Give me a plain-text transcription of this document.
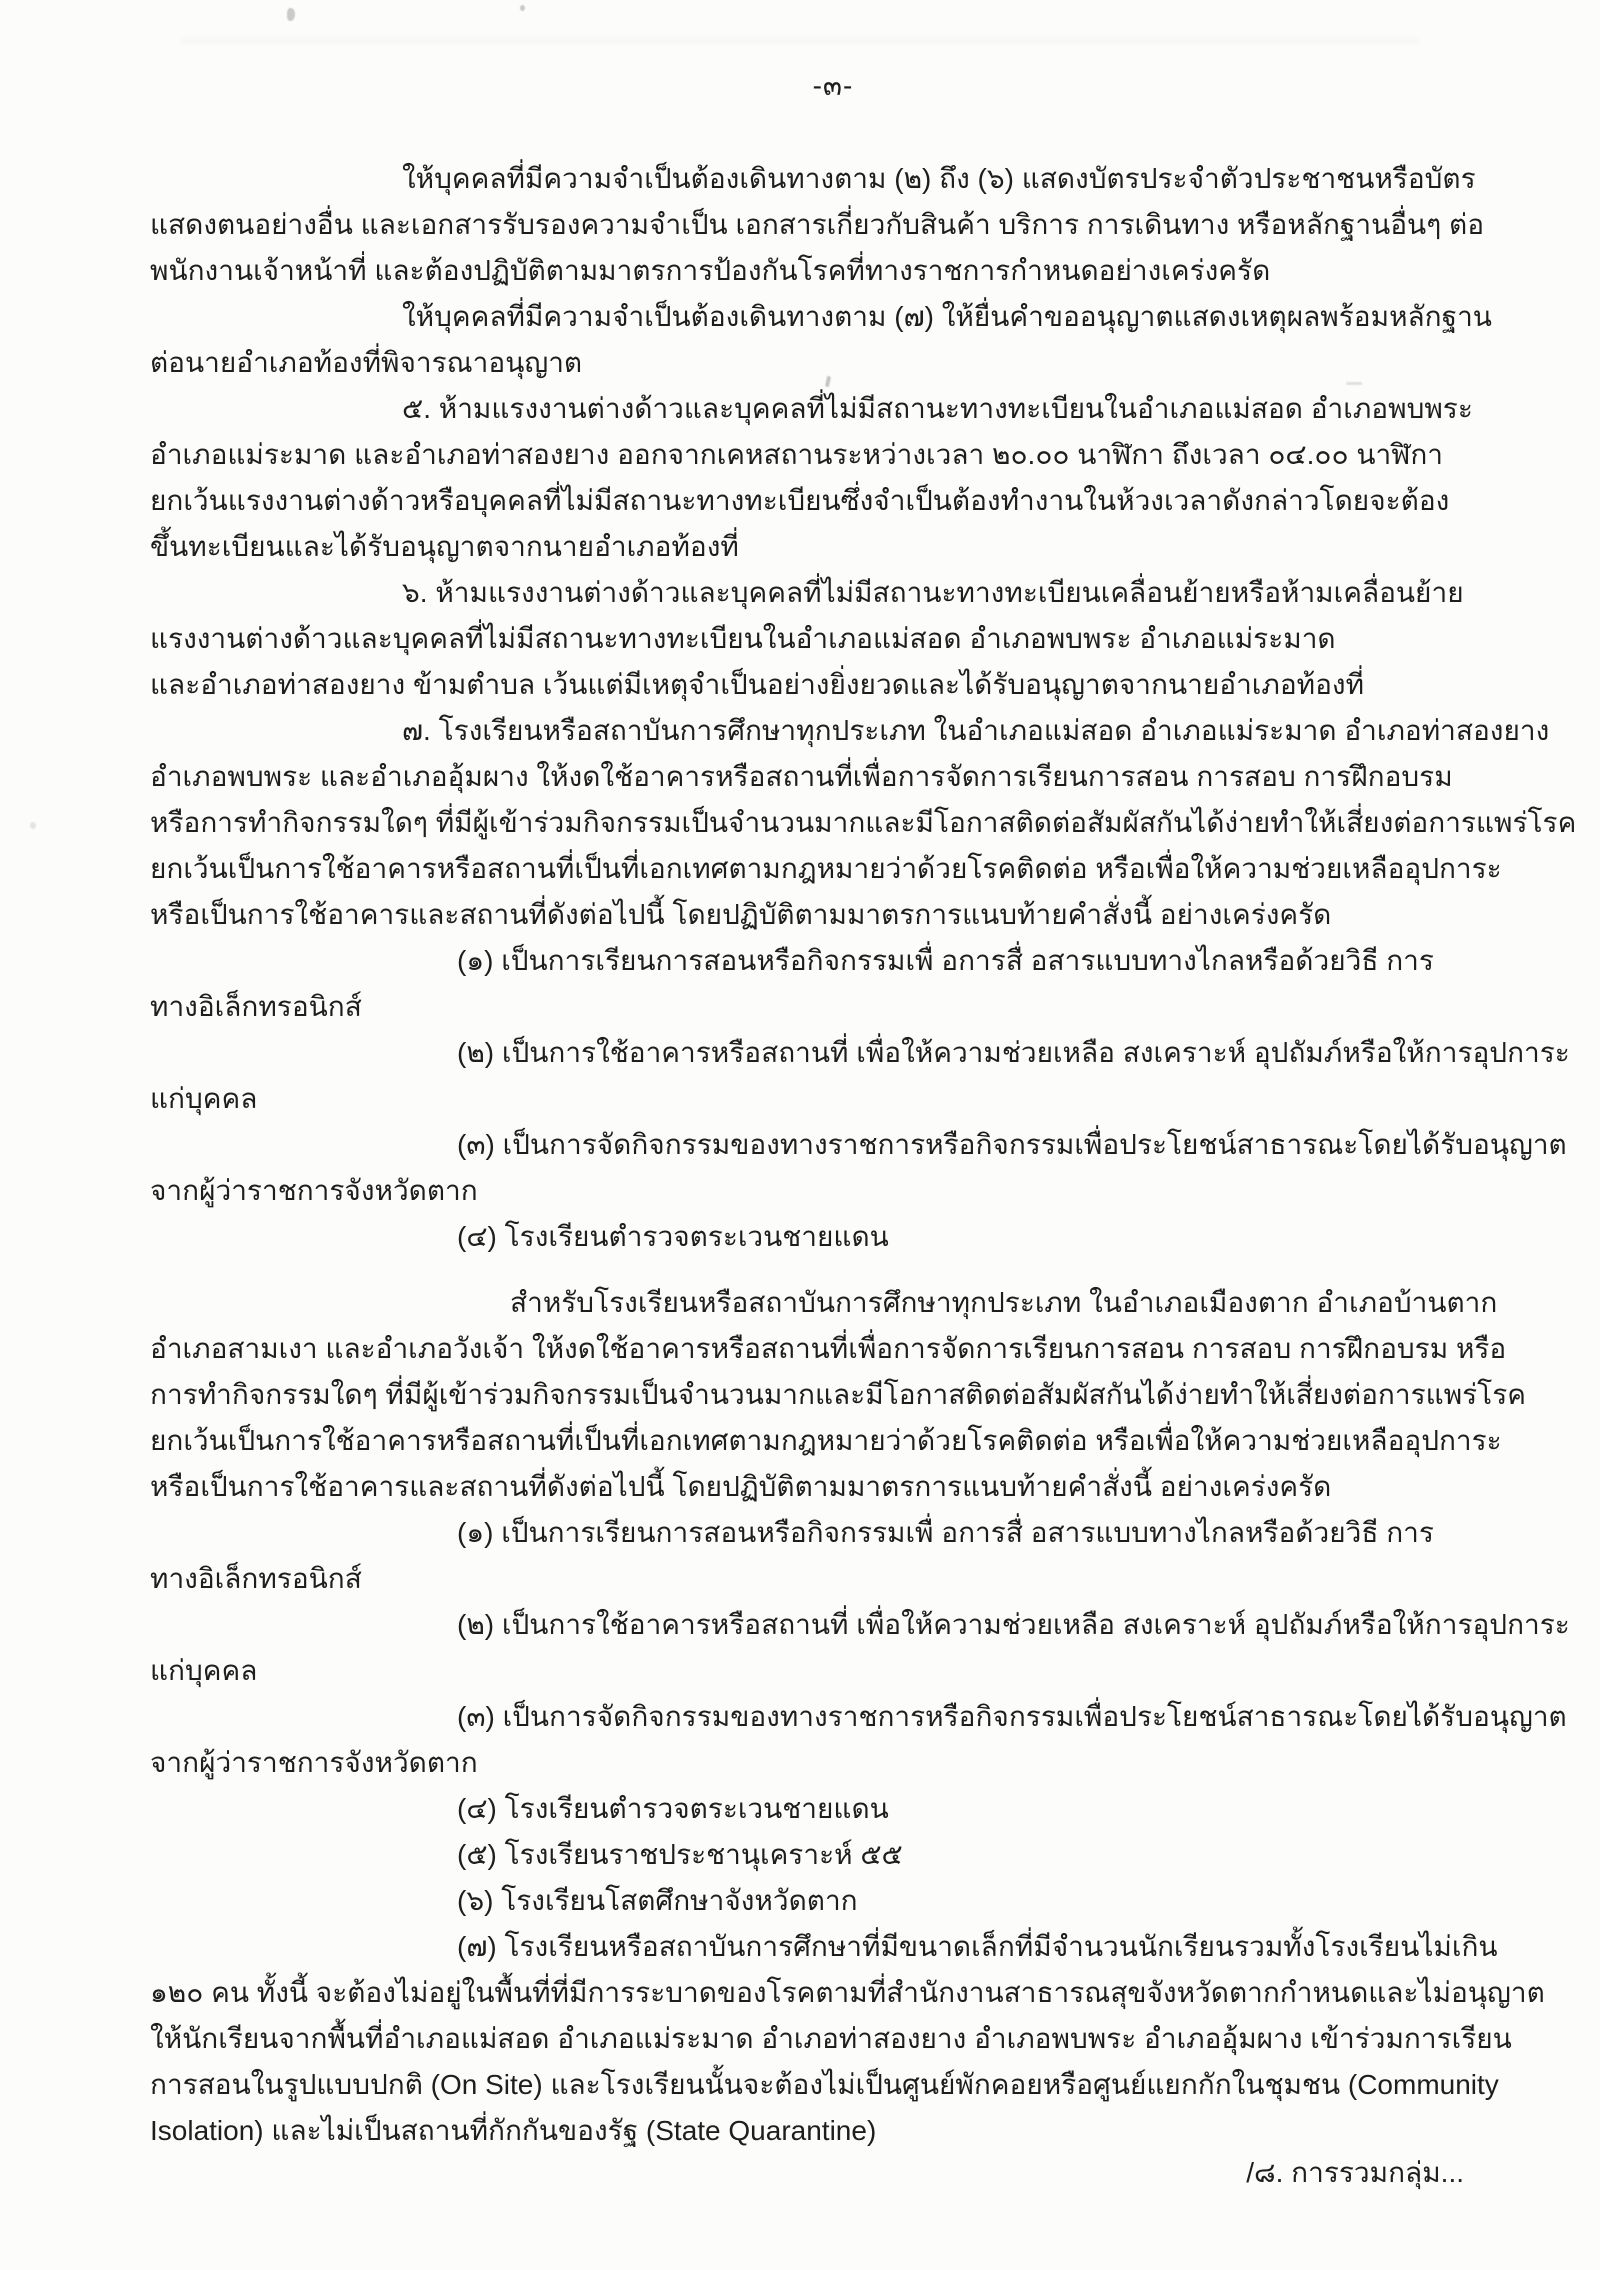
-๓-
ให้บุคคลที่มีความจำเป็นต้องเดินทางตาม (๒) ถึง (๖) แสดงบัตรประจำตัวประชาชนหรือบัตร
แสดงตนอย่างอื่น และเอกสารรับรองความจำเป็น เอกสารเกี่ยวกับสินค้า บริการ การเดินทาง หรือหลักฐานอื่นๆ ต่อ
พนักงานเจ้าหน้าที่ และต้องปฏิบัติตามมาตรการป้องกันโรคที่ทางราชการกำหนดอย่างเคร่งครัด
ให้บุคคลที่มีความจำเป็นต้องเดินทางตาม (๗) ให้ยื่นคำขออนุญาตแสดงเหตุผลพร้อมหลักฐาน
ต่อนายอำเภอท้องที่พิจารณาอนุญาต
๕. ห้ามแรงงานต่างด้าวและบุคคลที่ไม่มีสถานะทางทะเบียนในอำเภอแม่สอด อำเภอพบพระ
อำเภอแม่ระมาด และอำเภอท่าสองยาง ออกจากเคหสถานระหว่างเวลา ๒๐.๐๐ นาฬิกา ถึงเวลา ๐๔.๐๐ นาฬิกา
ยกเว้นแรงงานต่างด้าวหรือบุคคลที่ไม่มีสถานะทางทะเบียนซึ่งจำเป็นต้องทำงานในห้วงเวลาดังกล่าวโดยจะต้อง
ขึ้นทะเบียนและได้รับอนุญาตจากนายอำเภอท้องที่
๖. ห้ามแรงงานต่างด้าวและบุคคลที่ไม่มีสถานะทางทะเบียนเคลื่อนย้ายหรือห้ามเคลื่อนย้าย
แรงงานต่างด้าวและบุคคลที่ไม่มีสถานะทางทะเบียนในอำเภอแม่สอด อำเภอพบพระ อำเภอแม่ระมาด
และอำเภอท่าสองยาง ข้ามตำบล เว้นแต่มีเหตุจำเป็นอย่างยิ่งยวดและได้รับอนุญาตจากนายอำเภอท้องที่
๗. โรงเรียนหรือสถาบันการศึกษาทุกประเภท ในอำเภอแม่สอด อำเภอแม่ระมาด อำเภอท่าสองยาง
อำเภอพบพระ และอำเภออุ้มผาง ให้งดใช้อาคารหรือสถานที่เพื่อการจัดการเรียนการสอน การสอบ การฝึกอบรม
หรือการทำกิจกรรมใดๆ ที่มีผู้เข้าร่วมกิจกรรมเป็นจำนวนมากและมีโอกาสติดต่อสัมผัสกันได้ง่ายทำให้เสี่ยงต่อการแพร่โรค
ยกเว้นเป็นการใช้อาคารหรือสถานที่เป็นที่เอกเทศตามกฎหมายว่าด้วยโรคติดต่อ หรือเพื่อให้ความช่วยเหลืออุปการะ
หรือเป็นการใช้อาคารและสถานที่ดังต่อไปนี้ โดยปฏิบัติตามมาตรการแนบท้ายคำสั่งนี้ อย่างเคร่งครัด
(๑) เป็นการเรียนการสอนหรือกิจกรรมเพื่ อการสื่ อสารแบบทางไกลหรือด้วยวิธี การ
ทางอิเล็กทรอนิกส์
(๒) เป็นการใช้อาคารหรือสถานที่ เพื่อให้ความช่วยเหลือ สงเคราะห์ อุปถัมภ์หรือให้การอุปการะ
แก่บุคคล
(๓) เป็นการจัดกิจกรรมของทางราชการหรือกิจกรรมเพื่อประโยชน์สาธารณะโดยได้รับอนุญาต
จากผู้ว่าราชการจังหวัดตาก
(๔) โรงเรียนตำรวจตระเวนชายแดน
สำหรับโรงเรียนหรือสถาบันการศึกษาทุกประเภท ในอำเภอเมืองตาก อำเภอบ้านตาก
อำเภอสามเงา และอำเภอวังเจ้า ให้งดใช้อาคารหรือสถานที่เพื่อการจัดการเรียนการสอน การสอบ การฝึกอบรม หรือ
การทำกิจกรรมใดๆ ที่มีผู้เข้าร่วมกิจกรรมเป็นจำนวนมากและมีโอกาสติดต่อสัมผัสกันได้ง่ายทำให้เสี่ยงต่อการแพร่โรค
ยกเว้นเป็นการใช้อาคารหรือสถานที่เป็นที่เอกเทศตามกฎหมายว่าด้วยโรคติดต่อ หรือเพื่อให้ความช่วยเหลืออุปการะ
หรือเป็นการใช้อาคารและสถานที่ดังต่อไปนี้ โดยปฏิบัติตามมาตรการแนบท้ายคำสั่งนี้ อย่างเคร่งครัด
(๑) เป็นการเรียนการสอนหรือกิจกรรมเพื่ อการสื่ อสารแบบทางไกลหรือด้วยวิธี การ
ทางอิเล็กทรอนิกส์
(๒) เป็นการใช้อาคารหรือสถานที่ เพื่อให้ความช่วยเหลือ สงเคราะห์ อุปถัมภ์หรือให้การอุปการะ
แก่บุคคล
(๓) เป็นการจัดกิจกรรมของทางราชการหรือกิจกรรมเพื่อประโยชน์สาธารณะโดยได้รับอนุญาต
จากผู้ว่าราชการจังหวัดตาก
(๔) โรงเรียนตำรวจตระเวนชายแดน
(๕) โรงเรียนราชประชานุเคราะห์ ๕๕
(๖) โรงเรียนโสตศึกษาจังหวัดตาก
(๗) โรงเรียนหรือสถาบันการศึกษาที่มีขนาดเล็กที่มีจำนวนนักเรียนรวมทั้งโรงเรียนไม่เกิน
๑๒๐ คน ทั้งนี้ จะต้องไม่อยู่ในพื้นที่ที่มีการระบาดของโรคตามที่สำนักงานสาธารณสุขจังหวัดตากกำหนดและไม่อนุญาต
ให้นักเรียนจากพื้นที่อำเภอแม่สอด อำเภอแม่ระมาด อำเภอท่าสองยาง อำเภอพบพระ อำเภออุ้มผาง เข้าร่วมการเรียน
การสอนในรูปแบบปกติ (On Site) และโรงเรียนนั้นจะต้องไม่เป็นศูนย์พักคอยหรือศูนย์แยกกักในชุมชน (Community
Isolation) และไม่เป็นสถานที่กักกันของรัฐ (State Quarantine)
/๘. การรวมกลุ่ม...
